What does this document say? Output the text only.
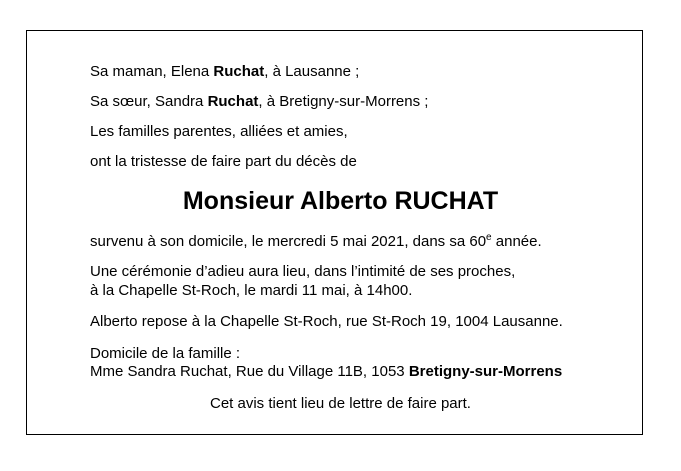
Sa maman, Elena Ruchat, à Lausanne ;
Sa sœur, Sandra Ruchat, à Bretigny-sur-Morrens ;
Les familles parentes, alliées et amies,
ont la tristesse de faire part du décès de
Monsieur Alberto RUCHAT
survenu à son domicile, le mercredi 5 mai 2021, dans sa 60e année.
Une cérémonie d’adieu aura lieu, dans l’intimité de ses proches,
à la Chapelle St-Roch, le mardi 11 mai, à 14h00.
Alberto repose à la Chapelle St-Roch, rue St-Roch 19, 1004 Lausanne.
Domicile de la famille :
Mme Sandra Ruchat, Rue du Village 11B, 1053 Bretigny-sur-Morrens
Cet avis tient lieu de lettre de faire part.
